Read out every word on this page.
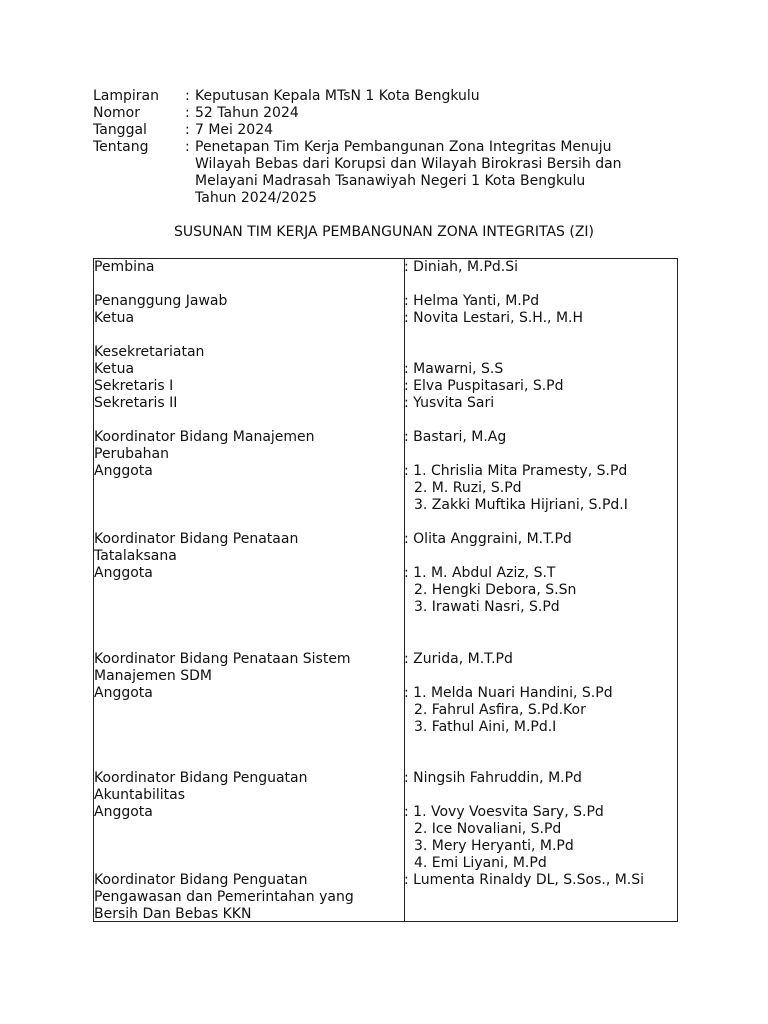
Lampiran	: Keputusan Kepala MTsN 1 Kota Bengkulu
Nomor	: 52 Tahun 2024
Tanggal	: 7 Mei 2024
Tentang	: Penetapan Tim Kerja Pembangunan Zona Integritas Menuju
Wilayah Bebas dari Korupsi dan Wilayah Birokrasi Bersih dan
Melayani Madrasah Tsanawiyah Negeri 1 Kota Bengkulu
Tahun 2024/2025
SUSUNAN TIM KERJA PEMBANGUNAN ZONA INTEGRITAS (ZI)
Pembina	: Diniah, M.Pd.Si
Penanggung Jawab	: Helma Yanti, M.Pd
Ketua	: Novita Lestari, S.H., M.H
Kesekretariatan
Ketua	: Mawarni, S.S
Sekretaris I	: Elva Puspitasari, S.Pd
Sekretaris II	: Yusvita Sari
Koordinator Bidang Manajemen
Perubahan
: Bastari, M.Ag
Anggota	: 1. Chrislia Mita Pramesty, S.Pd
2. M. Ruzi, S.Pd
3. Zakki Muftika Hijriani, S.Pd.I
Koordinator Bidang Penataan
Tatalaksana
: Olita Anggraini, M.T.Pd
Anggota	: 1. M. Abdul Aziz, S.T
2. Hengki Debora, S.Sn
3. Irawati Nasri, S.Pd
Koordinator Bidang Penataan Sistem
Manajemen SDM
: Zurida, M.T.Pd
Anggota	: 1. Melda Nuari Handini, S.Pd
2. Fahrul Asfira, S.Pd.Kor
3. Fathul Aini, M.Pd.I
Koordinator Bidang Penguatan
Akuntabilitas
: Ningsih Fahruddin, M.Pd
Anggota	: 1. Vovy Voesvita Sary, S.Pd
2. Ice Novaliani, S.Pd
3. Mery Heryanti, M.Pd
4. Emi Liyani, M.Pd
Koordinator Bidang Penguatan
Pengawasan dan Pemerintahan yang
Bersih Dan Bebas KKN
: Lumenta Rinaldy DL, S.Sos., M.Si
